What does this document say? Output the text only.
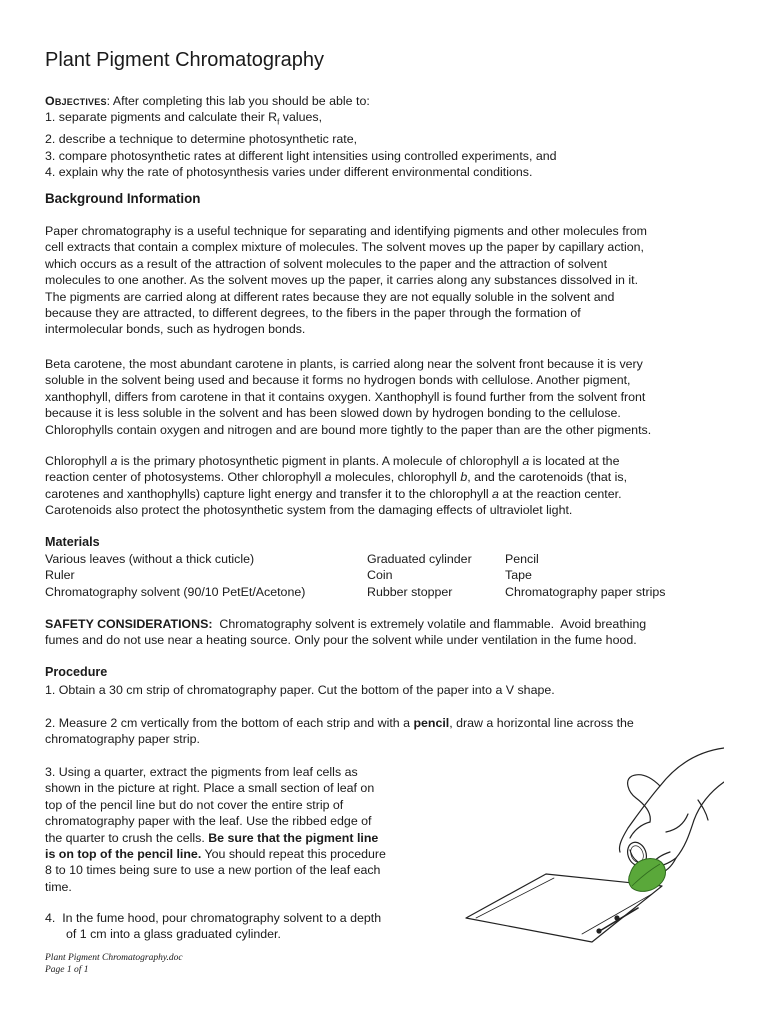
Plant Pigment Chromatography
Objectives: After completing this lab you should be able to:
1. separate pigments and calculate their $R_f$ values,
2. describe a technique to determine photosynthetic rate,
3. compare photosynthetic rates at different light intensities using controlled experiments, and
4. explain why the rate of photosynthesis varies under different environmental conditions.
Background Information
Paper chromatography is a useful technique for separating and identifying pigments and other molecules from
cell extracts that contain a complex mixture of molecules. The solvent moves up the paper by capillary action,
which occurs as a result of the attraction of solvent molecules to the paper and the attraction of solvent
molecules to one another. As the solvent moves up the paper, it carries along any substances dissolved in it.
The pigments are carried along at different rates because they are not equally soluble in the solvent and
because they are attracted, to different degrees, to the fibers in the paper through the formation of
intermolecular bonds, such as hydrogen bonds.
Beta carotene, the most abundant carotene in plants, is carried along near the solvent front because it is very
soluble in the solvent being used and because it forms no hydrogen bonds with cellulose. Another pigment,
xanthophyll, differs from carotene in that it contains oxygen. Xanthophyll is found further from the solvent front
because it is less soluble in the solvent and has been slowed down by hydrogen bonding to the cellulose.
Chlorophylls contain oxygen and nitrogen and are bound more tightly to the paper than are the other pigments.
Chlorophyll a is the primary photosynthetic pigment in plants. A molecule of chlorophyll a is located at the
reaction center of photosystems. Other chlorophyll a molecules, chlorophyll b, and the carotenoids (that is,
carotenes and xanthophylls) capture light energy and transfer it to the chlorophyll a at the reaction center.
Carotenoids also protect the photosynthetic system from the damaging effects of ultraviolet light.
Materials
Various leaves (without a thick cuticle)	Graduated cylinder	Pencil
Ruler	Coin	Tape
Chromatography solvent (90/10 PetEt/Acetone)	Rubber stopper	Chromatography paper strips
SAFETY CONSIDERATIONS:  Chromatography solvent is extremely volatile and flammable.  Avoid breathing
fumes and do not use near a heating source. Only pour the solvent while under ventilation in the fume hood.
Procedure
1. Obtain a 30 cm strip of chromatography paper. Cut the bottom of the paper into a V shape.
2. Measure 2 cm vertically from the bottom of each strip and with a pencil, draw a horizontal line across the
chromatography paper strip.
3. Using a quarter, extract the pigments from leaf cells as
shown in the picture at right. Place a small section of leaf on
top of the pencil line but do not cover the entire strip of
chromatography paper with the leaf. Use the ribbed edge of
the quarter to crush the cells. Be sure that the pigment line
is on top of the pencil line. You should repeat this procedure
8 to 10 times being sure to use a new portion of the leaf each
time.
4.  In the fume hood, pour chromatography solvent to a depth
of 1 cm into a glass graduated cylinder.
Plant Pigment Chromatography.doc
Page 1 of 1
